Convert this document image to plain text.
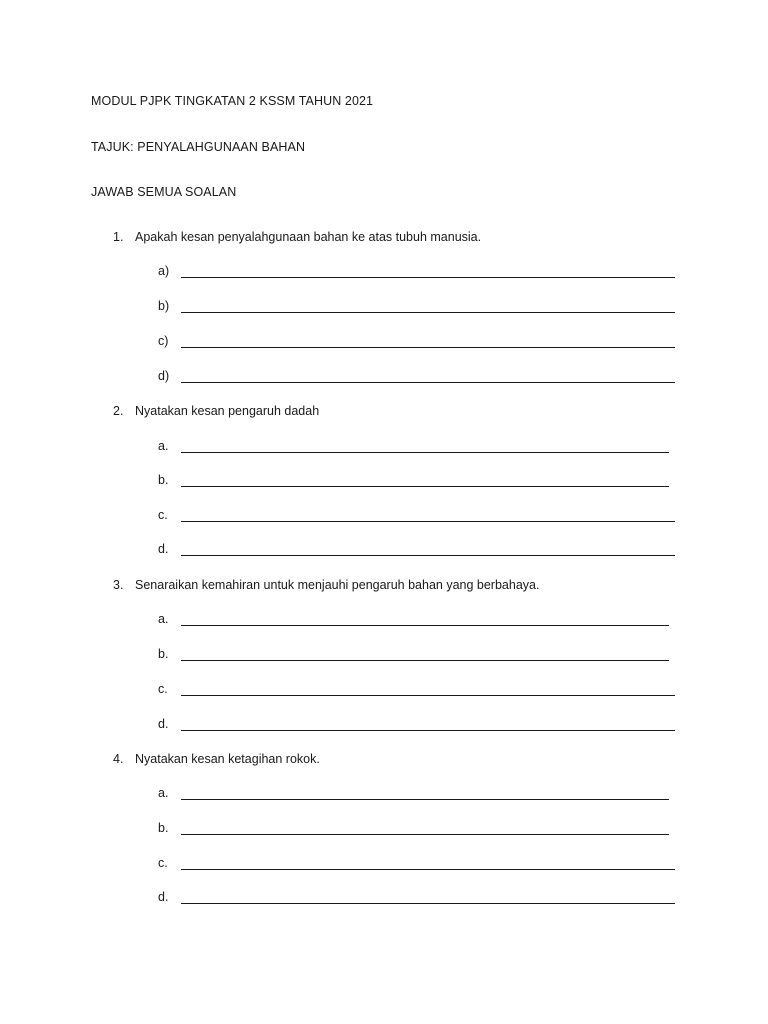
MODUL PJPK TINGKATAN 2 KSSM TAHUN 2021
TAJUK: PENYALAHGUNAAN BAHAN
JAWAB SEMUA SOALAN
1. Apakah kesan penyalahgunaan bahan ke atas tubuh manusia.
a)
b)
c)
d)
2. Nyatakan kesan pengaruh dadah
a.
b.
c.
d.
3. Senaraikan kemahiran untuk menjauhi pengaruh bahan yang berbahaya.
a.
b.
c.
d.
4. Nyatakan kesan ketagihan rokok.
a.
b.
c.
d.
